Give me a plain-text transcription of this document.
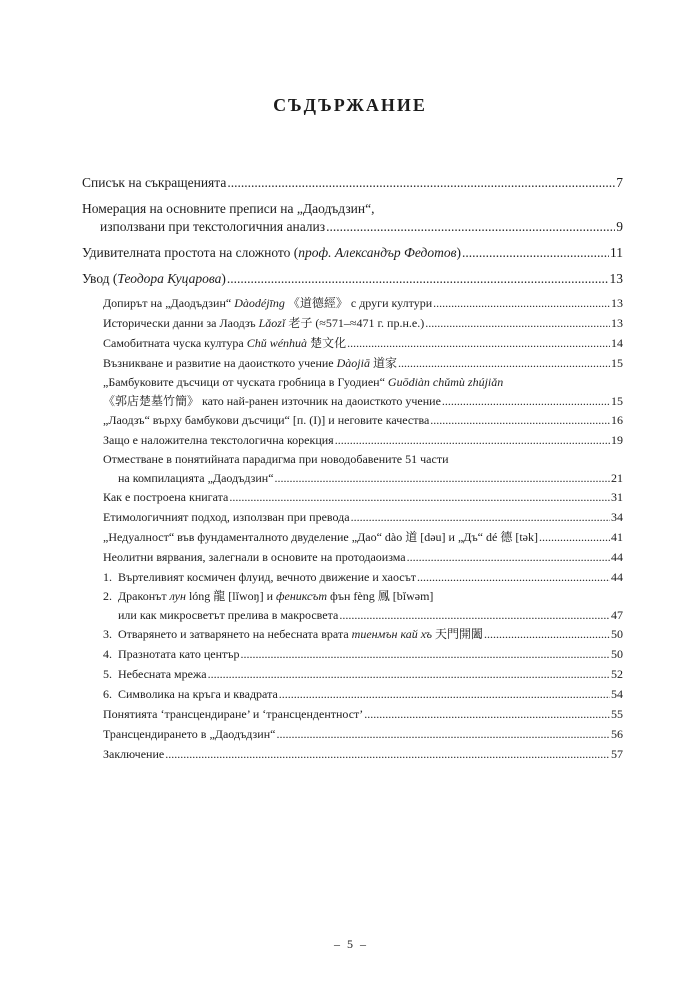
СЪДЪРЖАНИЕ
Списък на съкращенията .....	7
Номерация на основните преписи на „Даодъдзин“,
използвани при текстологичния анализ .....	9
Удивителната простота на сложното (проф. Александър Федотов) .....	11
Увод (Теодора Куцарова) .....	13
Допирът на „Даодъдзин“ Dàodéjīng 《道德經》 с други култури .....	13
Исторически данни за Лаодзъ Lǎozǐ 老子 (≈571–≈471 г. пр.н.е.) .....	13
Самобитната чуска култура Chǔ wénhuà 楚文化 .....	14
Възникване и развитие на даоисткото учение Dàojiā 道家 .....	15
„Бамбуковите дъсчици от чуската гробница в Гуодиен“ Guōdiàn chǔmù zhújiǎn
《郭店楚墓竹簡》 като най-ранен източник на даоисткото учение .....	15
„Лаодзъ“ върху бамбукови дъсчици“ [п. (I)] и неговите качества .....	16
Защо е наложителна текстологична корекция .....	19
Отместване в понятийната парадигма при новодобавените 51 части
на компилацията „Даодъдзин“ .....	21
Как е построена книгата .....	31
Етимологичният подход, използван при превода .....	34
„Недуалност“ във фундаменталното двуделение „Дао“ dào 道 [dəu] и „Дъ“ dé 德 [tək] .....	41
Неолитни вярвания, залегнали в основите на протодаоизма .....	44
1. Въртеливият космичен флуид, вечното движение и хаосът .....	44
2. Драконът лун lóng 龍 [lĭwoŋ] и фениксът фън fèng 鳳 [bĭwəm]
или как микросветът прелива в макросвета .....	47
3. Отварянето и затварянето на небесната врата тиенмън кай хъ 天門開闔 .....	50
4. Празнотата като център .....	50
5. Небесната мрежа .....	52
6. Символика на кръга и квадрата .....	54
Понятията ‘трансцендиране’ и ‘трансцендентност’ .....	55
Трансцендирането в „Даодъдзин“ .....	56
Заключение .....	57
– 5 –
